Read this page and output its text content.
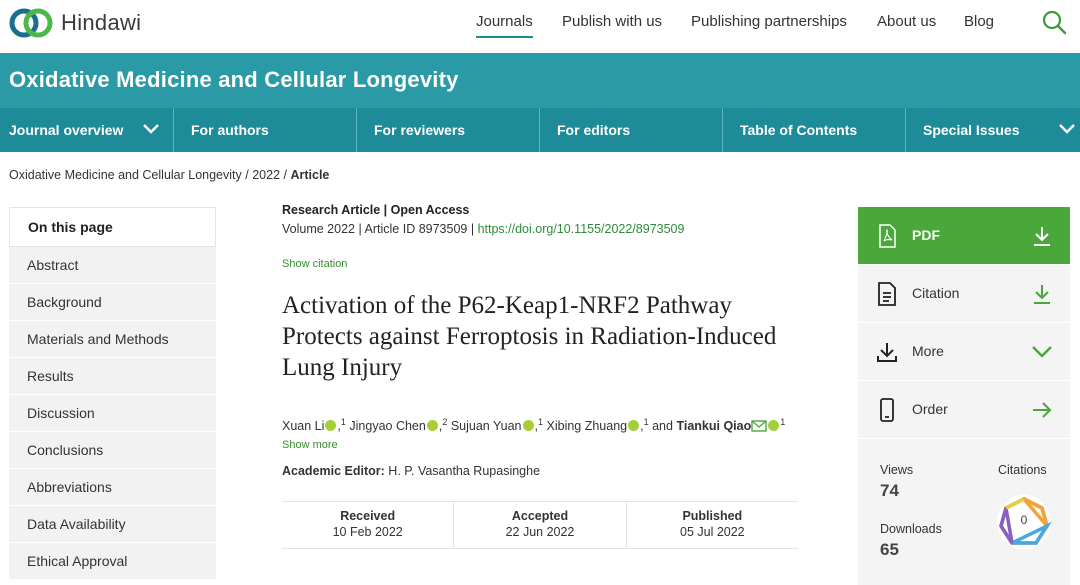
Hindawi	Journals Publish with us Publishing partnerships About us Blog
Oxidative Medicine and Cellular Longevity
Journal overview	For authors	For reviewers	For editors	Table of Contents	Special Issues
Oxidative Medicine and Cellular Longevity / 2022 / Article
On this page
Abstract
Background
Materials and Methods
Results
Discussion
Conclusions
Abbreviations
Data Availability
Ethical Approval
Research Article | Open Access
Volume 2022 | Article ID 8973509 | https://doi.org/10.1155/2022/8973509
Show citation
Activation of the P62-Keap1-NRF2 Pathway Protects against Ferroptosis in Radiation-Induced Lung Injury
Xuan Li ,$^1$ Jingyao Chen ,$^2$ Sujuan Yuan ,$^1$ Xibing Zhuang ,$^1$ and Tiankui Qiao	$^1$
Show more
Academic Editor: H. P. Vasantha Rupasinghe
Received
10 Feb 2022
Accepted
22 Jun 2022
Published
05 Jul 2022
PDF
Citation
More
Order
Views
74
Citations
Downloads
65
0
